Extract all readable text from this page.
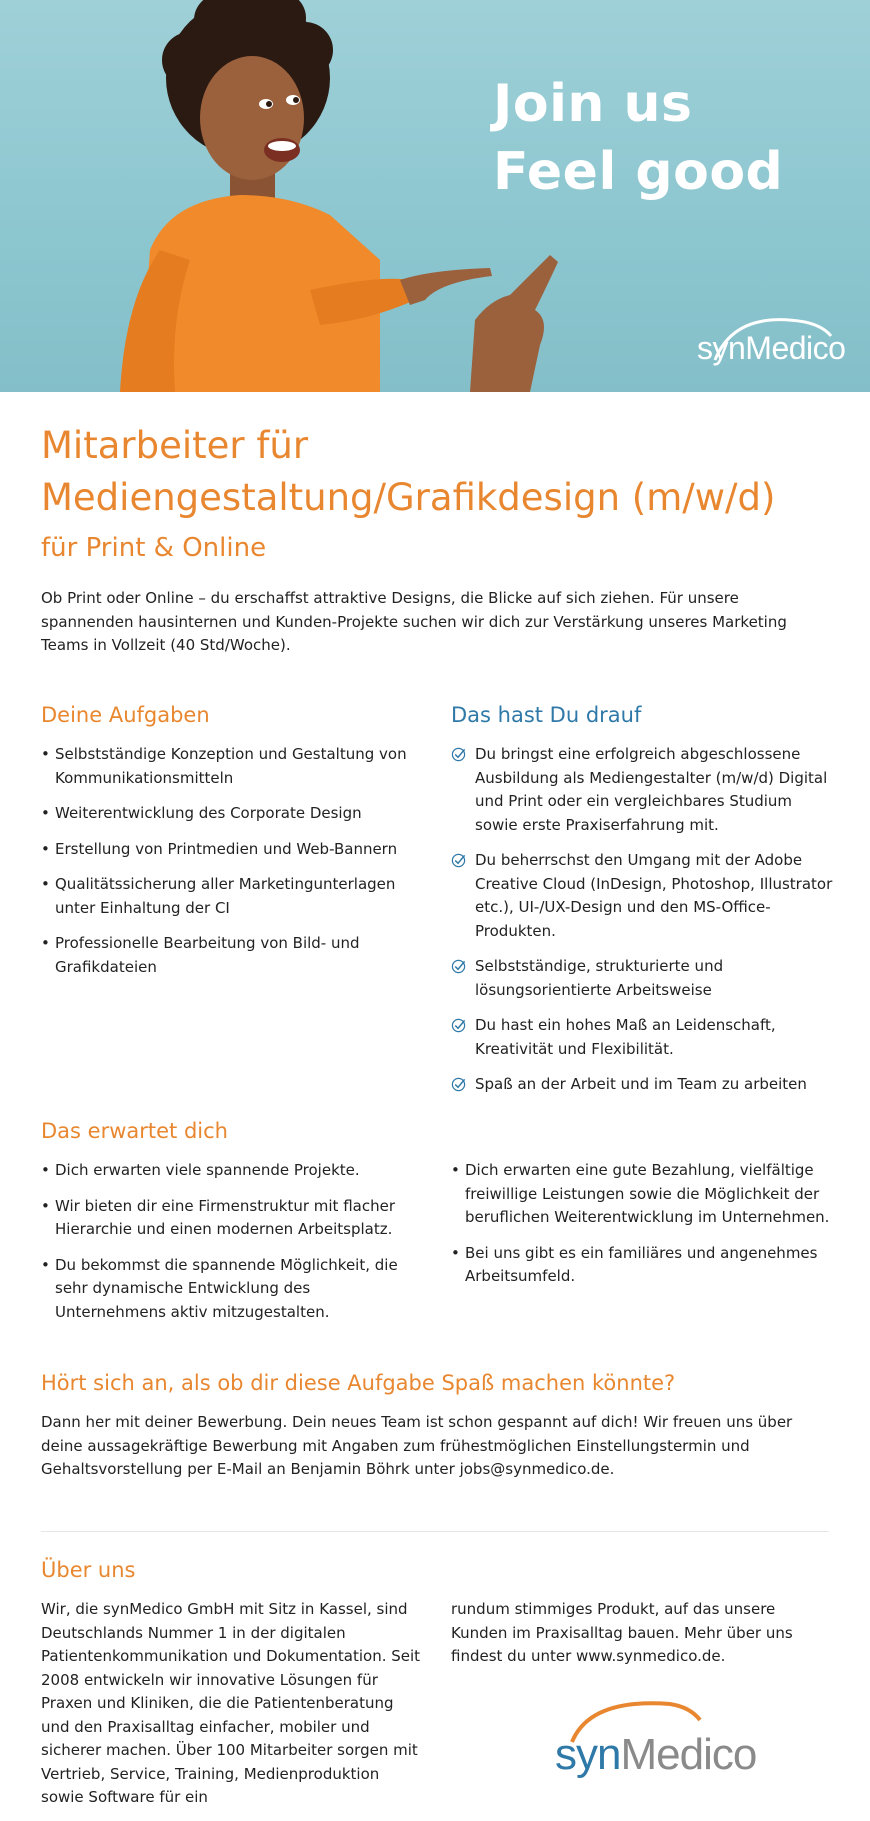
Join us
Feel good
synMedico
Mitarbeiter für
Mediengestaltung/Grafikdesign (m/w/d)
für Print & Online

Ob Print oder Online – du erschaffst attraktive Designs, die Blicke auf sich ziehen. Für unsere spannenden hausinternen und Kunden-Projekte suchen wir dich zur Verstärkung unseres Marketing Teams in Vollzeit (40 Std/Woche).

Deine Aufgaben
• Selbstständige Konzeption und Gestaltung von Kommunikationsmitteln
• Weiterentwicklung des Corporate Design
• Erstellung von Printmedien und Web-Bannern
• Qualitätssicherung aller Marketingunterlagen unter Einhaltung der CI
• Professionelle Bearbeitung von Bild- und Grafikdateien
Das hast Du drauf
Du bringst eine erfolgreich abgeschlossene Ausbildung als Mediengestalter (m/w/d) Digital und Print oder ein vergleichbares Studium sowie erste Praxiserfahrung mit.
Du beherrschst den Umgang mit der Adobe Creative Cloud (InDesign, Photoshop, Illustrator etc.), UI-/UX-Design und den MS-Office-Produkten.
Selbstständige, strukturierte und lösungsorientierte Arbeitsweise
Du hast ein hohes Maß an Leidenschaft, Kreativität und Flexibilität.
Spaß an der Arbeit und im Team zu arbeiten
Das erwartet dich
• Dich erwarten viele spannende Projekte.
• Wir bieten dir eine Firmenstruktur mit flacher Hierarchie und einen modernen Arbeitsplatz.
• Du bekommst die spannende Möglichkeit, die sehr dynamische Entwicklung des Unternehmens aktiv mitzugestalten.
• Dich erwarten eine gute Bezahlung, vielfältige freiwillige Leistungen sowie die Möglichkeit der beruflichen Weiterentwicklung im Unternehmen.
• Bei uns gibt es ein familiäres und angenehmes Arbeitsumfeld.
Hört sich an, als ob dir diese Aufgabe Spaß machen könnte?

Dann her mit deiner Bewerbung. Dein neues Team ist schon gespannt auf dich! Wir freuen uns über deine aussagekräftige Bewerbung mit Angaben zum frühestmöglichen Einstellungstermin und Gehaltsvorstellung per E-Mail an Benjamin Böhrk unter jobs@synmedico.de.

Über uns

Wir, die synMedico GmbH mit Sitz in Kassel, sind Deutschlands Nummer 1 in der digitalen Patientenkommunikation und Dokumentation. Seit 2008 entwickeln wir innovative Lösungen für Praxen und Kliniken, die die Patientenberatung und den Praxisalltag einfacher, mobiler und sicherer machen. Über 100 Mitarbeiter sorgen mit Vertrieb, Service, Training, Medienproduktion sowie Software für ein

rundum stimmiges Produkt, auf das unsere Kunden im Praxisalltag bauen. Mehr über uns findest du unter www.synmedico.de.

synMedico
